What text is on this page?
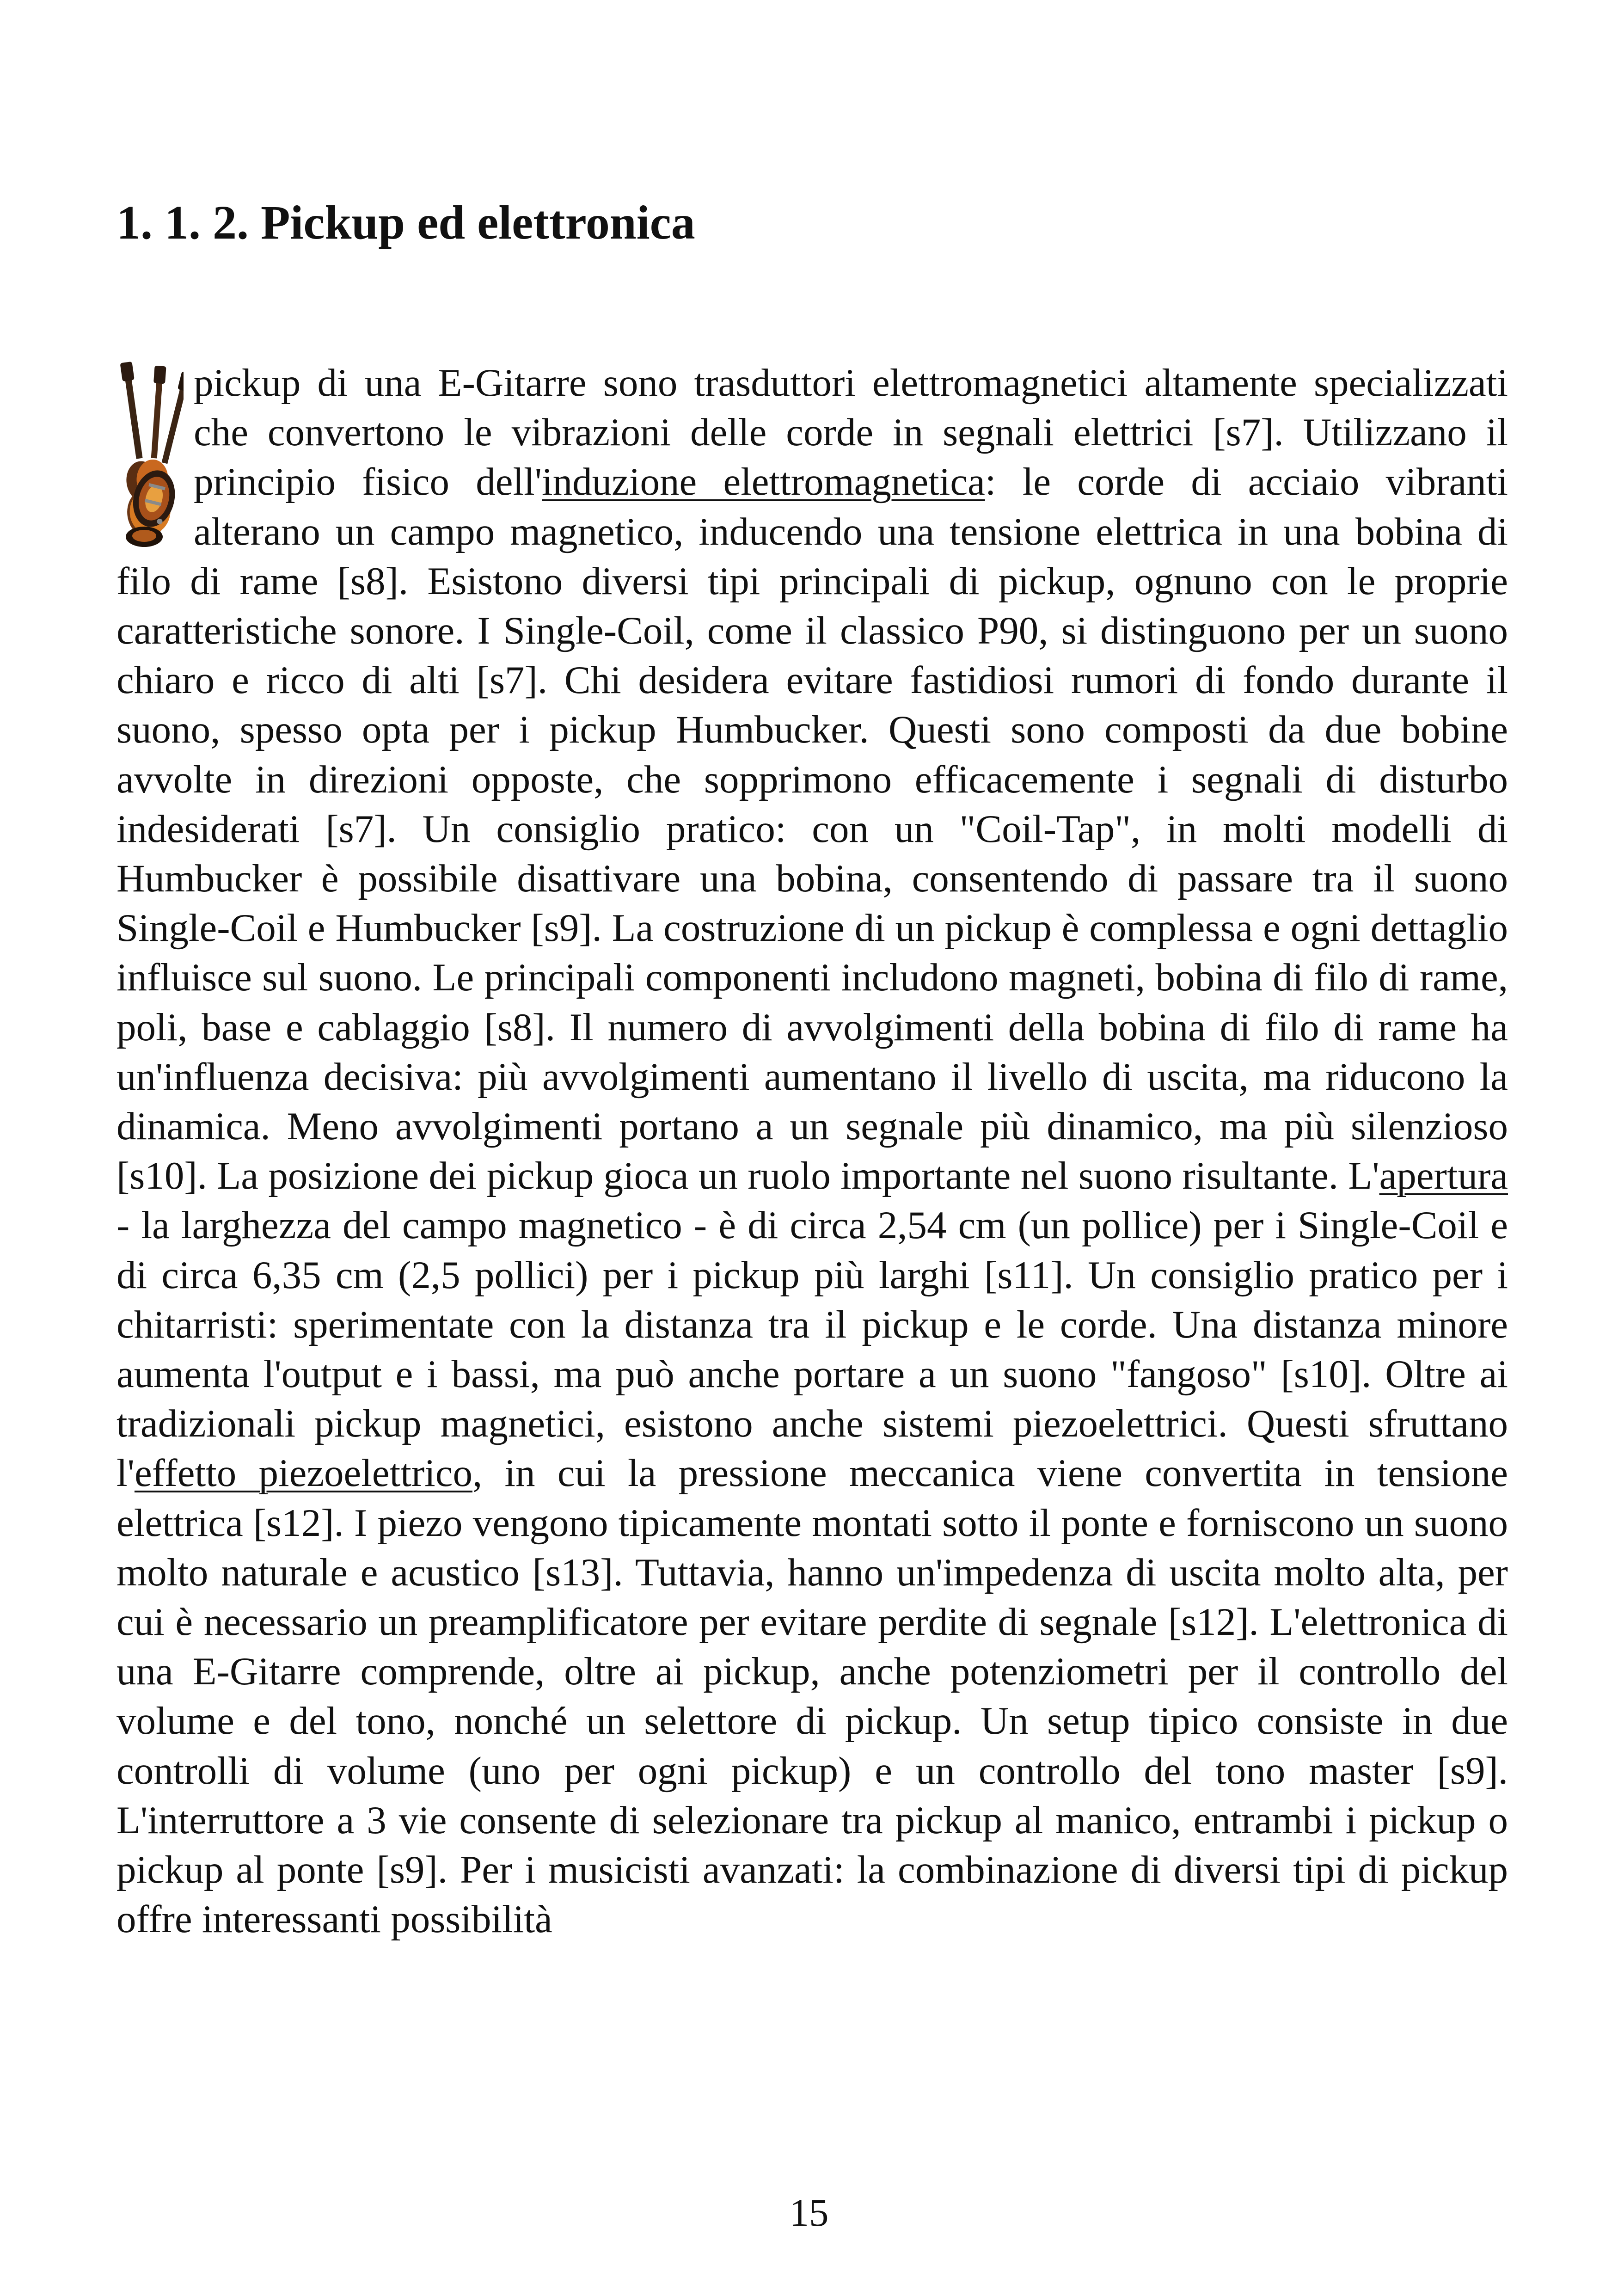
1. 1. 2. Pickup ed elettronica

pickup di una E-Gitarre sono trasduttori elettromagnetici altamente specializzati che convertono le vibrazioni delle corde in segnali elettrici [s7]. Utilizzano il principio fisico dell'induzione elettromagnetica: le corde di acciaio vibranti alterano un campo magnetico, inducendo una tensione elettrica in una bobina di filo di rame [s8]. Esistono diversi tipi principali di pickup, ognuno con le proprie caratteristiche sonore. I Single-Coil, come il classico P90, si distinguono per un suono chiaro e ricco di alti [s7]. Chi desidera evitare fastidiosi rumori di fondo durante il suono, spesso opta per i pickup Humbucker. Questi sono composti da due bobine avvolte in direzioni opposte, che sopprimono efficacemente i segnali di disturbo indesiderati [s7]. Un consiglio pratico: con un "Coil-Tap", in molti modelli di Humbucker è possibile disattivare una bobina, consentendo di passare tra il suono Single-Coil e Humbucker [s9]. La costruzione di un pickup è complessa e ogni dettaglio influisce sul suono. Le principali componenti includono magneti, bobina di filo di rame, poli, base e cablaggio [s8]. Il numero di avvolgimenti della bobina di filo di rame ha un'influenza decisiva: più avvolgimenti aumentano il livello di uscita, ma riducono la dinamica. Meno avvolgimenti portano a un segnale più dinamico, ma più silenzioso [s10]. La posizione dei pickup gioca un ruolo importante nel suono risultante. L'apertura - la larghezza del campo magnetico - è di circa 2,54 cm (un pollice) per i Single-Coil e di circa 6,35 cm (2,5 pollici) per i pickup più larghi [s11]. Un consiglio pratico per i chitarristi: sperimentate con la distanza tra il pickup e le corde. Una distanza minore aumenta l'output e i bassi, ma può anche portare a un suono "fangoso" [s10]. Oltre ai tradizionali pickup magnetici, esistono anche sistemi piezoelettrici. Questi sfruttano l'effetto piezoelettrico, in cui la pressione meccanica viene convertita in tensione elettrica [s12]. I piezo vengono tipicamente montati sotto il ponte e forniscono un suono molto naturale e acustico [s13]. Tuttavia, hanno un'impedenza di uscita molto alta, per cui è necessario un preamplificatore per evitare perdite di segnale [s12]. L'elettronica di una E-Gitarre comprende, oltre ai pickup, anche potenziometri per il controllo del volume e del tono, nonché un selettore di pickup. Un setup tipico consiste in due controlli di volume (uno per ogni pickup) e un controllo del tono master [s9]. L'interruttore a 3 vie consente di selezionare tra pickup al manico, entrambi i pickup o pickup al ponte [s9]. Per i musicisti avanzati: la combinazione di diversi tipi di pickup offre interessanti possibilità

15
